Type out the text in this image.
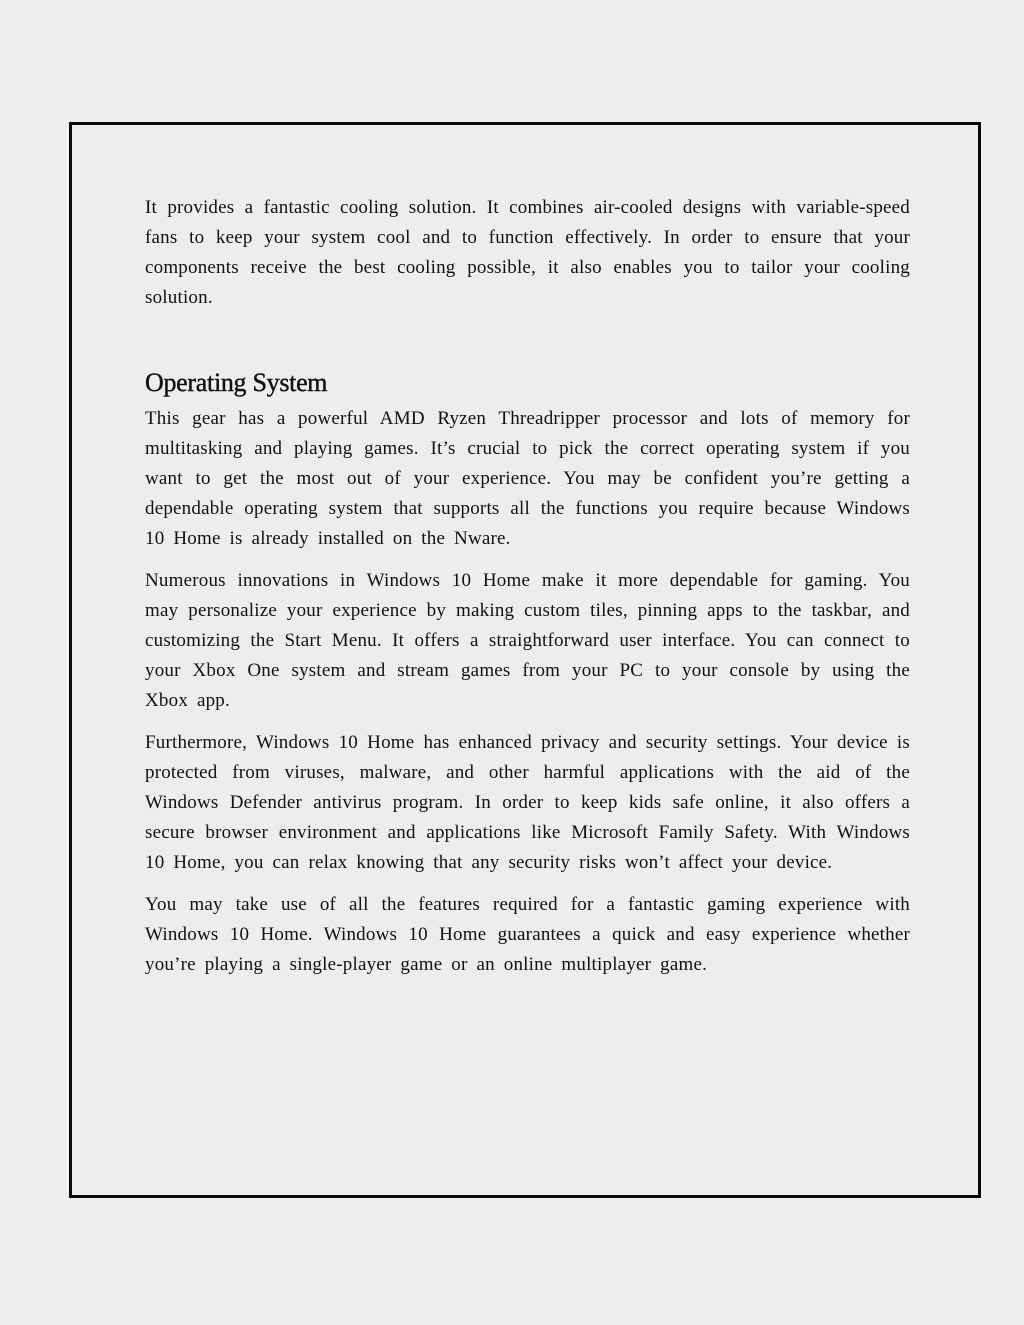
It provides a fantastic cooling solution. It combines air-cooled designs with variable-speed fans to keep your system cool and to function effectively. In order to ensure that your components receive the best cooling possible, it also enables you to tailor your cooling solution.

Operating System

This gear has a powerful AMD Ryzen Threadripper processor and lots of memory for multitasking and playing games. It’s crucial to pick the correct operating system if you want to get the most out of your experience. You may be confident you’re getting a dependable operating system that supports all the functions you require because Windows 10 Home is already installed on the Nware.

Numerous innovations in Windows 10 Home make it more dependable for gaming. You may personalize your experience by making custom tiles, pinning apps to the taskbar, and customizing the Start Menu. It offers a straightforward user interface. You can connect to your Xbox One system and stream games from your PC to your console by using the Xbox app.

Furthermore, Windows 10 Home has enhanced privacy and security settings. Your device is protected from viruses, malware, and other harmful applications with the aid of the Windows Defender antivirus program. In order to keep kids safe online, it also offers a secure browser environment and applications like Microsoft Family Safety. With Windows 10 Home, you can relax knowing that any security risks won’t affect your device.

You may take use of all the features required for a fantastic gaming experience with Windows 10 Home. Windows 10 Home guarantees a quick and easy experience whether you’re playing a single-player game or an online multiplayer game.
